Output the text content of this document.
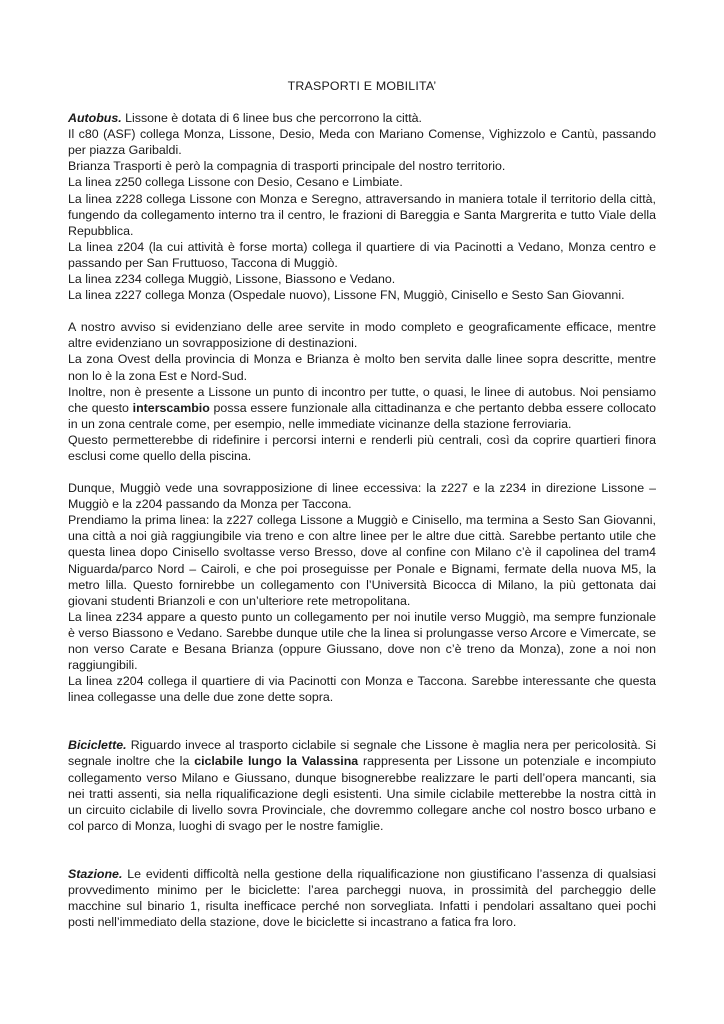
TRASPORTI E MOBILITA’

Autobus. Lissone è dotata di 6 linee bus che percorrono la città.

Il c80 (ASF) collega Monza, Lissone, Desio, Meda con Mariano Comense, Vighizzolo e Cantù, passando per piazza Garibaldi.

Brianza Trasporti è però la compagnia di trasporti principale del nostro territorio.

La linea z250 collega Lissone con Desio, Cesano e Limbiate.

La linea z228 collega Lissone con Monza e Seregno, attraversando in maniera totale il territorio della città, fungendo da collegamento interno tra il centro, le frazioni di Bareggia e Santa Margrerita e tutto Viale della Repubblica.

La linea z204 (la cui attività è forse morta) collega il quartiere di via Pacinotti a Vedano, Monza centro e passando per San Fruttuoso, Taccona di Muggiò.

La linea z234 collega Muggiò, Lissone, Biassono e Vedano.

La linea z227 collega Monza (Ospedale nuovo), Lissone FN, Muggiò, Cinisello e Sesto San Giovanni.

A nostro avviso si evidenziano delle aree servite in modo completo e geograficamente efficace, mentre altre evidenziano un sovrapposizione di destinazioni.

La zona Ovest della provincia di Monza e Brianza è molto ben servita dalle linee sopra descritte, mentre non lo è la zona Est e Nord-Sud.

Inoltre, non è presente a Lissone un punto di incontro per tutte, o quasi, le linee di autobus. Noi pensiamo che questo interscambio possa essere funzionale alla cittadinanza e che pertanto debba essere collocato in un zona centrale come, per esempio, nelle immediate vicinanze della stazione ferroviaria.

Questo permetterebbe di ridefinire i percorsi interni e renderli più centrali, così da coprire quartieri finora esclusi come quello della piscina.

Dunque, Muggiò vede una sovrapposizione di linee eccessiva: la z227 e la z234 in direzione Lissone – Muggiò e la z204 passando da Monza per Taccona.

Prendiamo la prima linea: la z227 collega Lissone a Muggiò e Cinisello, ma termina a Sesto San Giovanni, una città a noi già raggiungibile via treno e con altre linee per le altre due città. Sarebbe pertanto utile che questa linea dopo Cinisello svoltasse verso Bresso, dove al confine con Milano c’è il capolinea del tram4 Niguarda/parco Nord – Cairoli, e che poi proseguisse per Ponale e Bignami, fermate della nuova M5, la metro lilla. Questo fornirebbe un collegamento con l’Università Bicocca di Milano, la più gettonata dai giovani studenti Brianzoli e con un’ulteriore rete metropolitana.

La linea z234 appare a questo punto un collegamento per noi inutile verso Muggiò, ma sempre funzionale è verso Biassono e Vedano. Sarebbe dunque utile che la linea si prolungasse verso Arcore e Vimercate, se non verso Carate e Besana Brianza (oppure Giussano, dove non c’è treno da Monza), zone a noi non raggiungibili.

La linea z204 collega il quartiere di via Pacinotti con Monza e Taccona. Sarebbe interessante che questa linea collegasse una delle due zone dette sopra.

Biciclette. Riguardo invece al trasporto ciclabile si segnale che Lissone è maglia nera per pericolosità. Si segnale inoltre che la ciclabile lungo la Valassina rappresenta per Lissone un potenziale e incompiuto collegamento verso Milano e Giussano, dunque bisognerebbe realizzare le parti dell’opera mancanti, sia nei tratti assenti, sia nella riqualificazione degli esistenti. Una simile ciclabile metterebbe la nostra città in un circuito ciclabile di livello sovra Provinciale, che dovremmo collegare anche col nostro bosco urbano e col parco di Monza, luoghi di svago per le nostre famiglie.

Stazione. Le evidenti difficoltà nella gestione della riqualificazione non giustificano l’assenza di qualsiasi provvedimento minimo per le biciclette: l’area parcheggi nuova, in prossimità del parcheggio delle macchine sul binario 1, risulta inefficace perché non sorvegliata. Infatti i pendolari assaltano quei pochi posti nell’immediato della stazione, dove le biciclette si incastrano a fatica fra loro.
